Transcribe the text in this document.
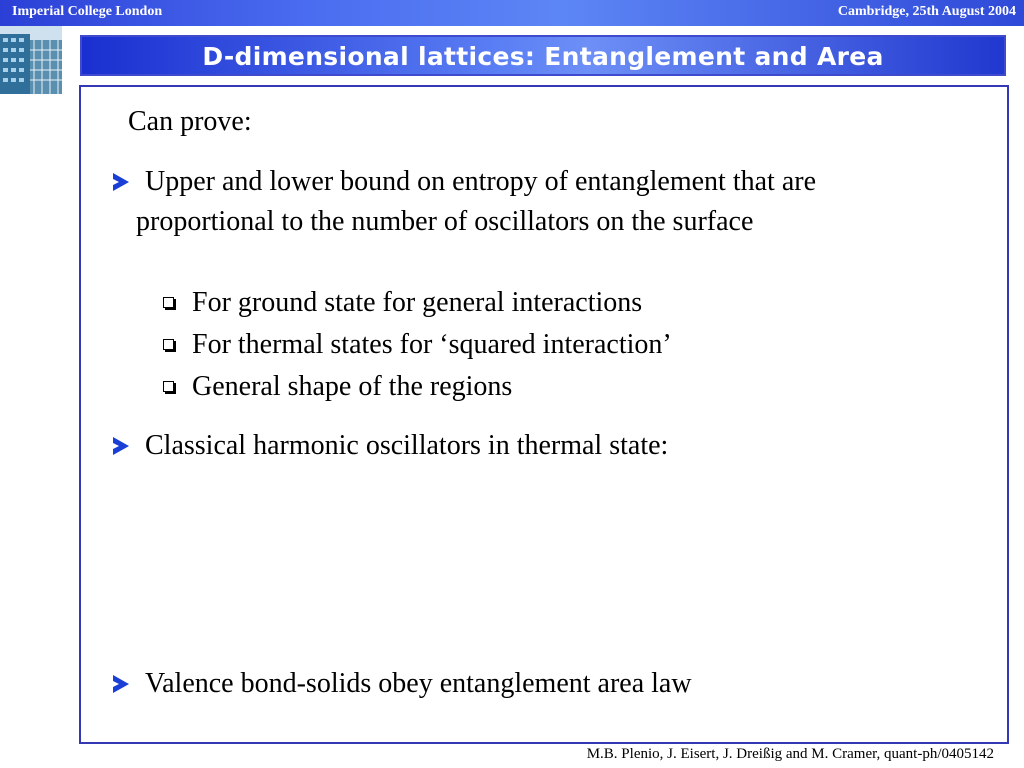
Imperial College London	Cambridge, 25th August 2004
D-dimensional lattices: Entanglement and Area
Can prove:
Upper and lower bound on entropy of entanglement that are
proportional to the number of oscillators on the surface
For ground state for general interactions
For thermal states for ‘squared interaction’
General shape of the regions
Classical harmonic oscillators in thermal state:
Valence bond-solids obey entanglement area law
M.B. Plenio, J. Eisert, J. Dreißig and M. Cramer, quant-ph/0405142
